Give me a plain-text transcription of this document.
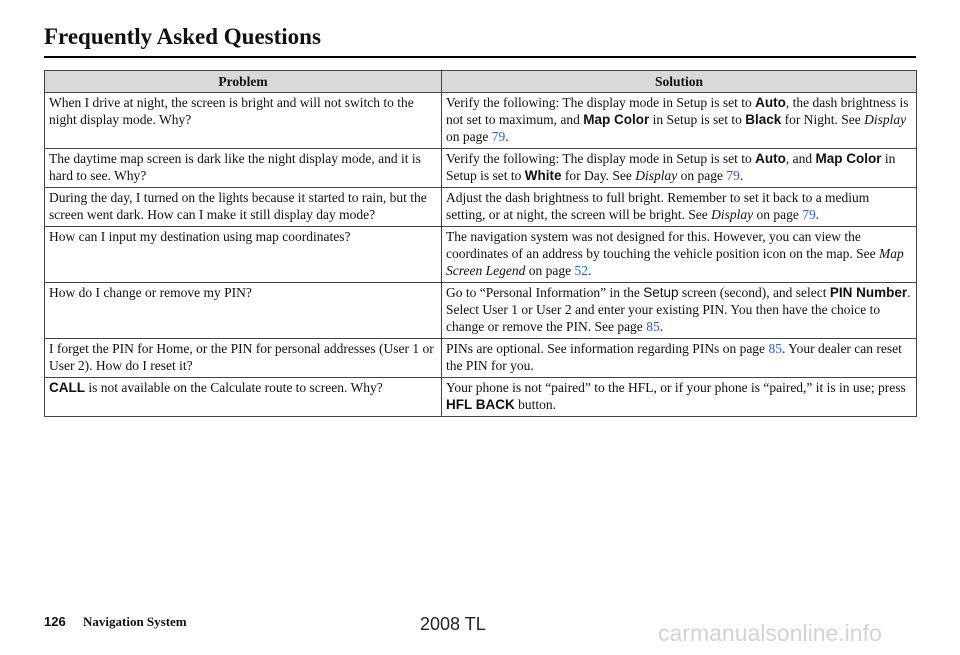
Frequently Asked Questions
Problem	Solution
When I drive at night, the screen is bright and will not switch to the night display mode. Why?	Verify the following: The display mode in Setup is set to Auto, the dash brightness is not set to maximum, and Map Color in Setup is set to Black for Night. See Display on page 79.
The daytime map screen is dark like the night display mode, and it is hard to see. Why?	Verify the following: The display mode in Setup is set to Auto, and Map Color in Setup is set to White for Day. See Display on page 79.
During the day, I turned on the lights because it started to rain, but the screen went dark. How can I make it still display day mode?	Adjust the dash brightness to full bright. Remember to set it back to a medium setting, or at night, the screen will be bright. See Display on page 79.
How can I input my destination using map coordinates?	The navigation system was not designed for this. However, you can view the coordinates of an address by touching the vehicle position icon on the map. See Map Screen Legend on page 52.
How do I change or remove my PIN?	Go to “Personal Information” in the Setup screen (second), and select PIN Number. Select User 1 or User 2 and enter your existing PIN. You then have the choice to change or remove the PIN. See page 85.
I forget the PIN for Home, or the PIN for personal addresses (User 1 or User 2). How do I reset it?	PINs are optional. See information regarding PINs on page 85. Your dealer can reset the PIN for you.
CALL is not available on the Calculate route to screen. Why?	Your phone is not “paired” to the HFL, or if your phone is “paired,” it is in use; press HFL BACK button.
126 Navigation System	2008 TL	carmanualsonline.info
